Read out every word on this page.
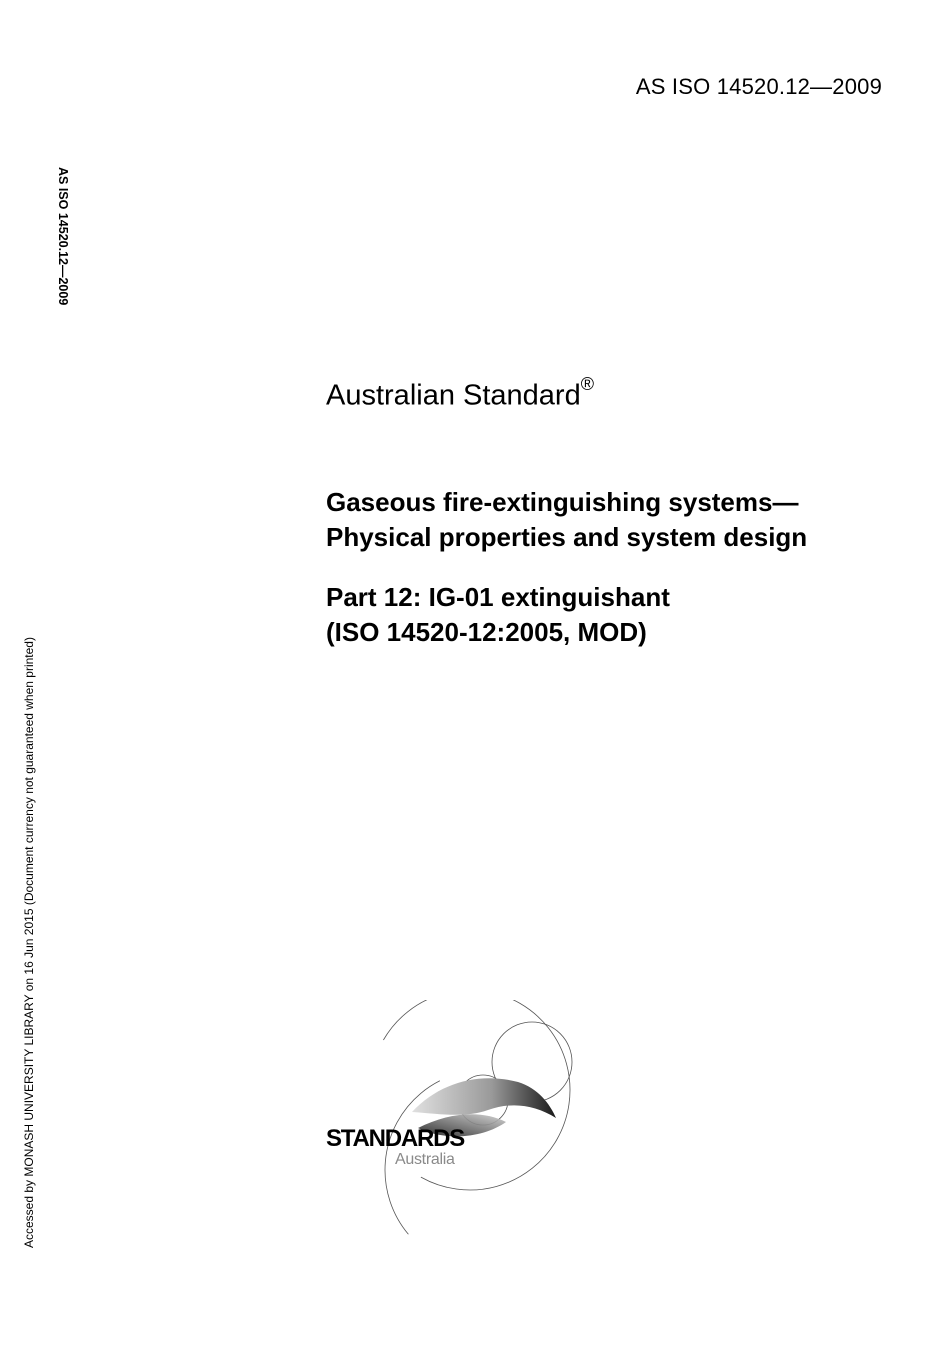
AS ISO 14520.12—2009
AS ISO 14520.12—2009
Accessed by MONASH UNIVERSITY LIBRARY on 16 Jun 2015 (Document currency not guaranteed when printed)
Australian Standard®
Gaseous fire-extinguishing systems—
Physical properties and system design
Part 12: IG-01 extinguishant
(ISO 14520-12:2005, MOD)
STANDARDS
Australia
